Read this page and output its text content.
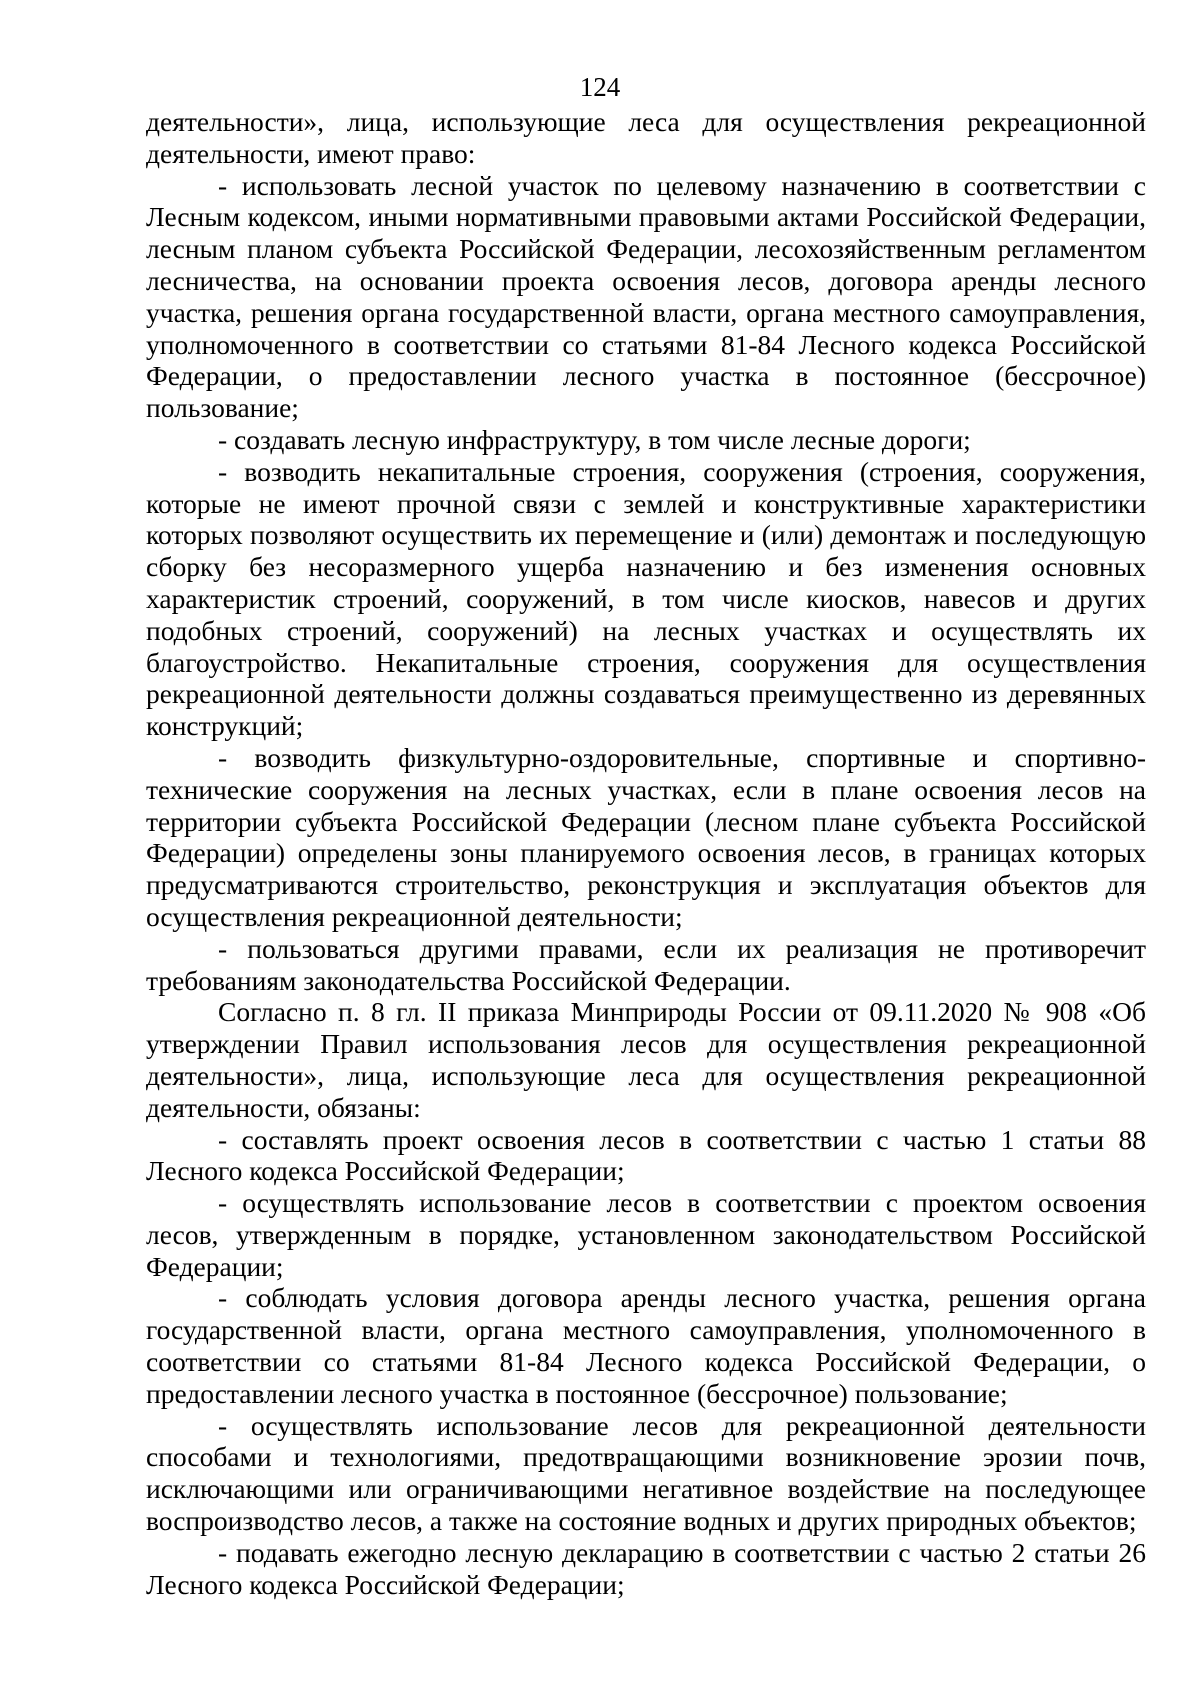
124

деятельности», лица, использующие леса для осуществления рекреационной деятельности, имеют право:

- использовать лесной участок по целевому назначению в соответствии с Лесным кодексом, иными нормативными правовыми актами Российской Федерации, лесным планом субъекта Российской Федерации, лесохозяйственным регламентом лесничества, на основании проекта освоения лесов, договора аренды лесного участка, решения органа государственной власти, органа местного самоуправления, уполномоченного в соответствии со статьями 81-84 Лесного кодекса Российской Федерации, о предоставлении лесного участка в постоянное (бессрочное) пользование;

- создавать лесную инфраструктуру, в том числе лесные дороги;

- возводить некапитальные строения, сооружения (строения, сооружения, которые не имеют прочной связи с землей и конструктивные характеристики которых позволяют осуществить их перемещение и (или) демонтаж и последующую сборку без несоразмерного ущерба назначению и без изменения основных характеристик строений, сооружений, в том числе киосков, навесов и других подобных строений, сооружений) на лесных участках и осуществлять их благоустройство. Некапитальные строения, сооружения для осуществления рекреационной деятельности должны создаваться преимущественно из деревянных конструкций;

- возводить физкультурно-оздоровительные, спортивные и спортивно-технические сооружения на лесных участках, если в плане освоения лесов на территории субъекта Российской Федерации (лесном плане субъекта Российской Федерации) определены зоны планируемого освоения лесов, в границах которых предусматриваются строительство, реконструкция и эксплуатация объектов для осуществления рекреационной деятельности;

- пользоваться другими правами, если их реализация не противоречит требованиям законодательства Российской Федерации.

Согласно п. 8 гл. II приказа Минприроды России от 09.11.2020 № 908 «Об утверждении Правил использования лесов для осуществления рекреационной деятельности», лица, использующие леса для осуществления рекреационной деятельности, обязаны:

- составлять проект освоения лесов в соответствии с частью 1 статьи 88 Лесного кодекса Российской Федерации;

- осуществлять использование лесов в соответствии с проектом освоения лесов, утвержденным в порядке, установленном законодательством Российской Федерации;

- соблюдать условия договора аренды лесного участка, решения органа государственной власти, органа местного самоуправления, уполномоченного в соответствии со статьями 81-84 Лесного кодекса Российской Федерации, о предоставлении лесного участка в постоянное (бессрочное) пользование;

- осуществлять использование лесов для рекреационной деятельности способами и технологиями, предотвращающими возникновение эрозии почв, исключающими или ограничивающими негативное воздействие на последующее воспроизводство лесов, а также на состояние водных и других природных объектов;

- подавать ежегодно лесную декларацию в соответствии с частью 2 статьи 26 Лесного кодекса Российской Федерации;
